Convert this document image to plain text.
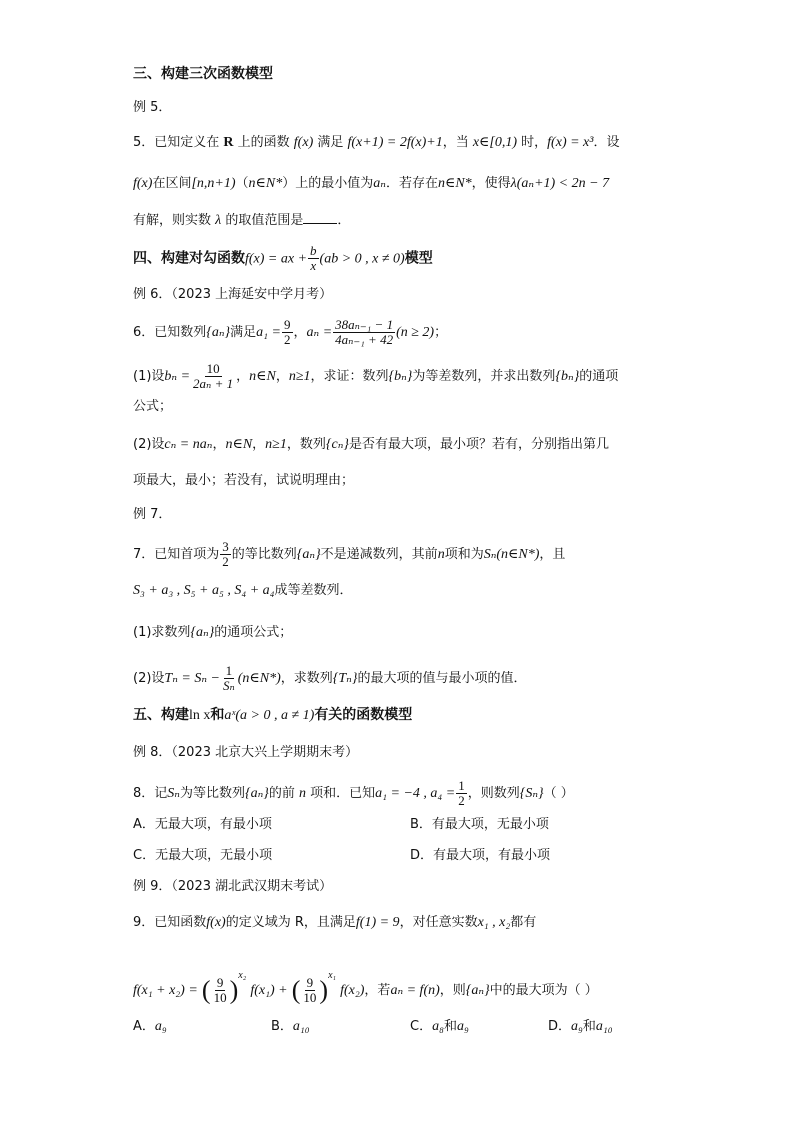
三、构建三次函数模型
例 5．
5．已知定义在 R 上的函数 f(x) 满足 f(x+1) = 2f(x)+1，当 x∈[0,1) 时，f(x) = x³．设
f(x)在区间[n,n+1)（n∈N*）上的最小值为aₙ．若存在n∈N*，使得λ(aₙ+1) < 2n − 7
有解，则实数 λ 的取值范围是	．
四、构建对勾函数f(x) = ax + $\frac{b}{x} (ab > 0$ , x ≠ 0)模型
例 6．（2023 上海延安中学月考）
6．已知数列{aₙ}满足$a_1 = \frac{9}{2}$ ，$a_n = \frac{\text{38aₙ₋₁ − 1}}{\text{4aₙ₋₁ + 42}} (n \ge 2)$；
(1)设$b_n = \frac{10}{\text{2aₙ + 1}}$ ，n∈N，n≥1，求证：数列{bₙ}为等差数列，并求出数列{bₙ}的通项
公式；
(2)设cₙ = naₙ，n∈N，n≥1，数列{cₙ}是否有最大项，最小项？若有，分别指出第几
项最大，最小；若没有，试说明理由；
例 7．
7．已知首项为 $\frac{3}{2}$ 的等比数列{aₙ}不是递减数列，其前n项和为Sₙ(n∈N*)，且
S₃ + a₃ , S₅ + a₅ , S₄ + a₄成等差数列．
(1)求数列{aₙ}的通项公式；
(2)设$T_n = S_n - \frac{1}{\text{Sₙ}}$ (n∈N*)，求数列{Tₙ}的最大项的值与最小项的值．
五、构建ln x和aˣ(a > 0 , a ≠ 1)有关的函数模型
例 8．（2023 北京大兴上学期期末考）
8．记Sₙ为等比数列{aₙ}的前 n 项和．已知a₁ = −4 , $a_4 = \frac{1}{2}$ ，则数列{Sₙ}（ ）
A．无最大项，有最小项	B．有最大项，无最小项
C．无最大项，无最小项	D．有最大项，有最小项
例 9．（2023 湖北武汉期末考试）
9．已知函数f(x)的定义域为 R，且满足f(1) = 9，对任意实数x₁ , x₂都有
f(x₁ + x₂) = ( $\frac{9}{10} )^{x_2}$ f(x₁) + ( $\frac{9}{10} )^{x_1}$ f(x₂)，若aₙ = f(n)，则{aₙ}中的最大项为（ ）
A．a₉	B．a₁₀	C．a₈和a₉	D．a₉和a₁₀
